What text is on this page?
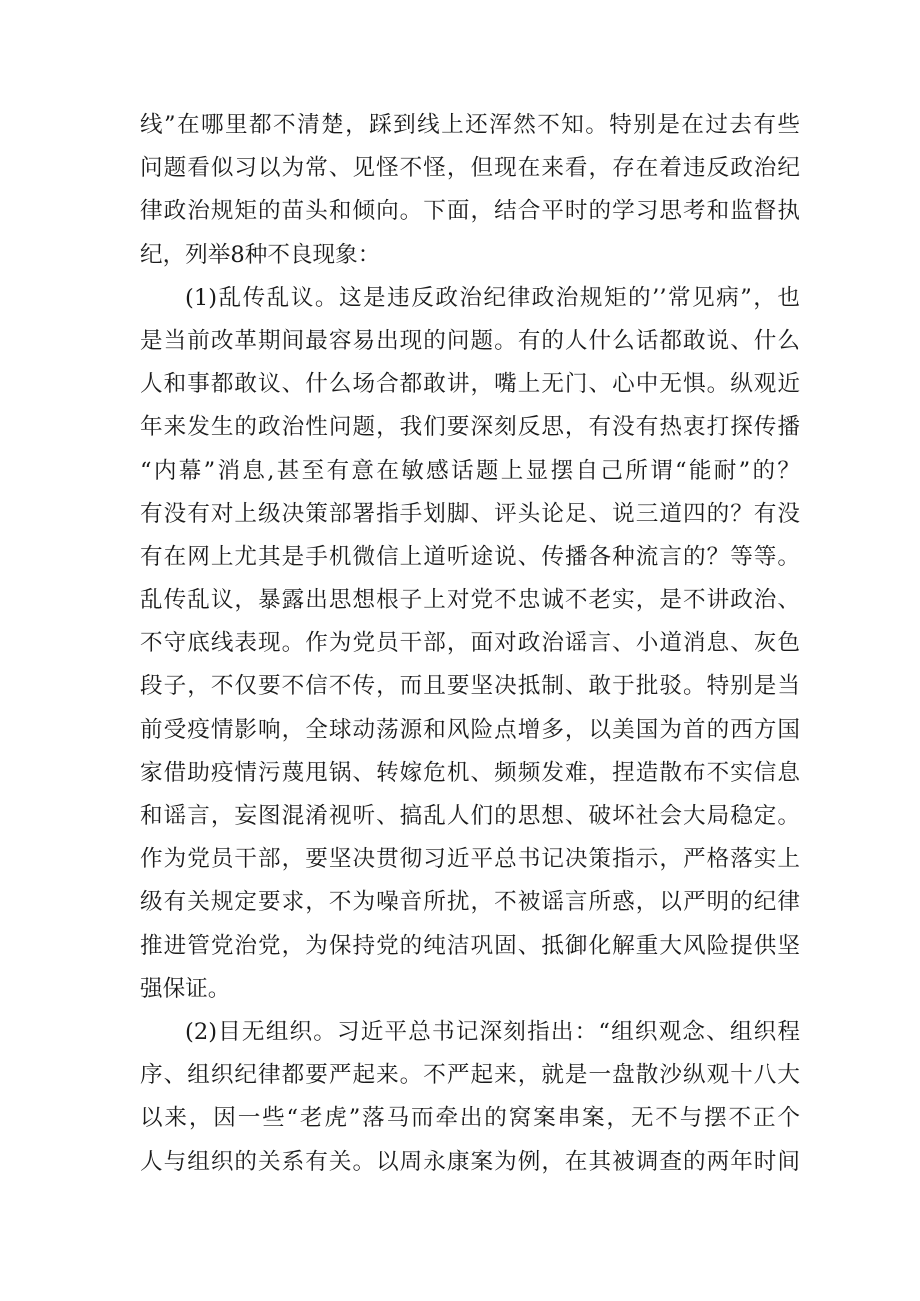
线”在哪里都不清楚，踩到线上还浑然不知。特别是在过去有些
问题看似习以为常、见怪不怪，但现在来看，存在着违反政治纪
律政治规矩的苗头和倾向。下面，结合平时的学习思考和监督执
纪，列举8种不良现象：
(1)乱传乱议。这是违反政治纪律政治规矩的’’常见病”，也
是当前改革期间最容易出现的问题。有的人什么话都敢说、什么
人和事都敢议、什么场合都敢讲，嘴上无门、心中无惧。纵观近
年来发生的政治性问题，我们要深刻反思，有没有热衷打探传播
“内幕”消息,甚至有意在敏感话题上显摆自己所谓“能耐”的？
有没有对上级决策部署指手划脚、评头论足、说三道四的？有没
有在网上尤其是手机微信上道听途说、传播各种流言的？等等。
乱传乱议，暴露出思想根子上对党不忠诚不老实，是不讲政治、
不守底线表现。作为党员干部，面对政治谣言、小道消息、灰色
段子，不仅要不信不传，而且要坚决抵制、敢于批驳。特别是当
前受疫情影响，全球动荡源和风险点增多，以美国为首的西方国
家借助疫情污蔑甩锅、转嫁危机、频频发难，捏造散布不实信息
和谣言，妄图混淆视听、搞乱人们的思想、破坏社会大局稳定。
作为党员干部，要坚决贯彻习近平总书记决策指示，严格落实上
级有关规定要求，不为噪音所扰，不被谣言所惑，以严明的纪律
推进管党治党，为保持党的纯洁巩固、抵御化解重大风险提供坚
强保证。
(2)目无组织。习近平总书记深刻指出：“组织观念、组织程
序、组织纪律都要严起来。不严起来，就是一盘散沙纵观十八大
以来，因一些“老虎”落马而牵出的窝案串案，无不与摆不正个
人与组织的关系有关。以周永康案为例，在其被调查的两年时间
